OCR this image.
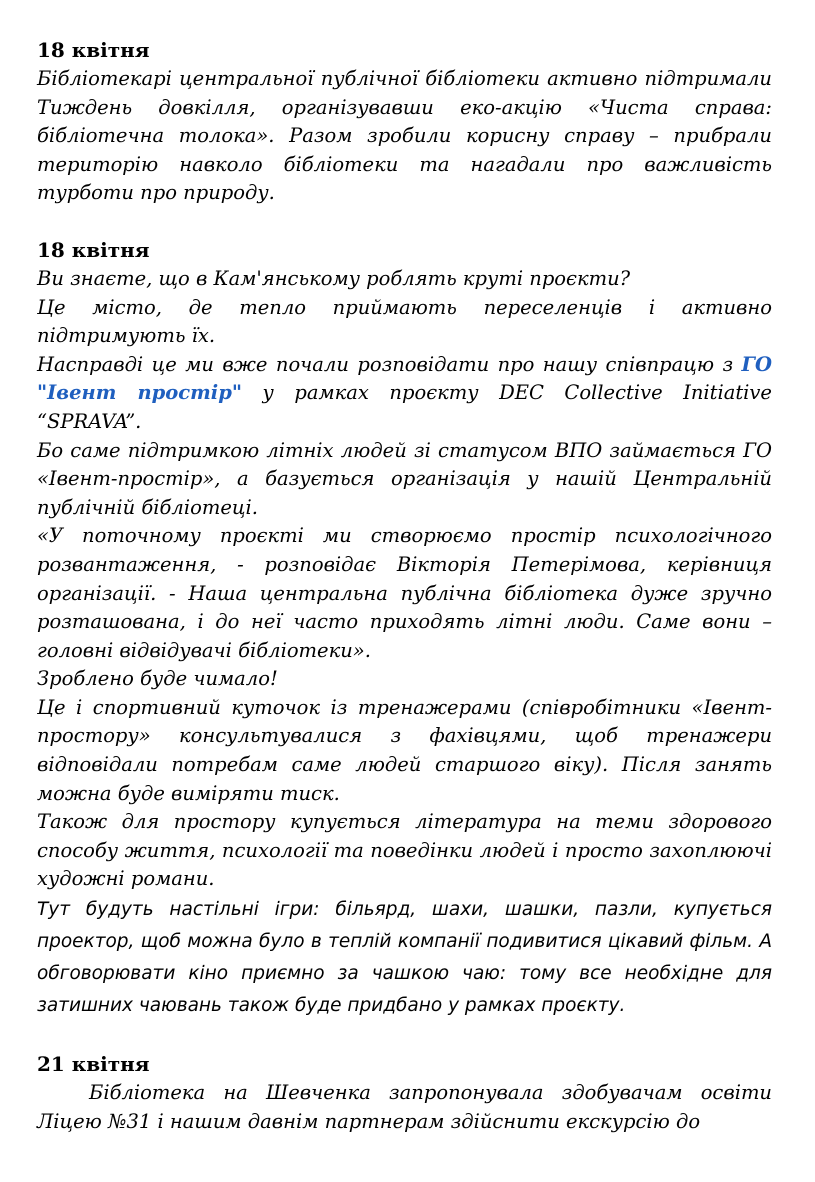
18 квітня

Бібліотекарі центральної публічної бібліотеки активно підтримали Тиждень довкілля, організувавши еко-акцію «Чиста справа: бібліотечна толока». Разом зробили корисну справу – прибрали територію навколо бібліотеки та нагадали про важливість турботи про природу.

18 квітня

Ви знаєте, що в Кам'янському роблять круті проєкти?

Це місто, де тепло приймають переселенців і активно підтримують їх.

Насправді це ми вже почали розповідати про нашу співпрацю з ГО "Івент простір" у рамках проєкту DEC Collective Initiative “SPRAVA”.

Бо саме підтримкою літніх людей зі статусом ВПО займається ГО «Івент-простір», а базується організація у нашій Центральній публічній бібліотеці.

«У поточному проєкті ми створюємо простір психологічного розвантаження, - розповідає Вікторія Петерімова, керівниця організації. - Наша центральна публічна бібліотека дуже зручно розташована, і до неї часто приходять літні люди. Саме вони – головні відвідувачі бібліотеки».

Зроблено буде чимало!

Це і спортивний куточок із тренажерами (співробітники «Івент-простору» консультувалися з фахівцями, щоб тренажери відповідали потребам саме людей старшого віку). Після занять можна буде виміряти тиск.

Також для простору купується література на теми здорового способу життя, психології та поведінки людей і просто захоплюючі художні романи.

Тут будуть настільні ігри: більярд, шахи, шашки, пазли, купується проектор, щоб можна було в теплій компанії подивитися цікавий фільм. А обговорювати кіно приємно за чашкою чаю: тому все необхідне для затишних чаювань також буде придбано у рамках проєкту.

21 квітня

Бібліотека на Шевченка запропонувала здобувачам освіти Ліцею №31 і нашим давнім партнерам здійснити екскурсію до
